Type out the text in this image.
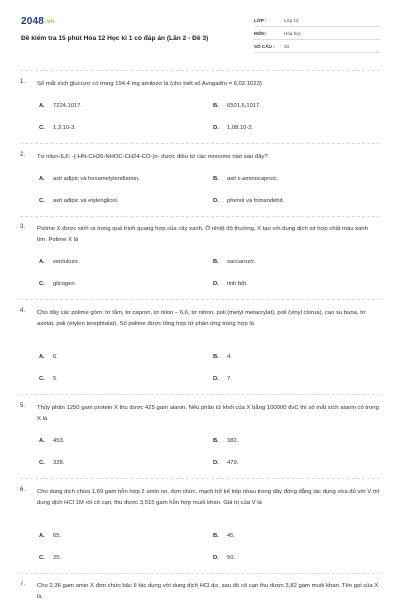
2048.vn
Đề kiểm tra 15 phút Hóa 12 Học kì 1 có đáp án (Lần 2 - Đề 3)
LỚP :	Lớp 12
MÔN :	Hóa học
SỐ CÂU : 10
1. Số mắt xích glucozơ có trong 194,4 mg amilozơ là (cho biết số Avogađro = 6,02.1023)
A. 7224.1017.	B. 6501,6.1017.
C. 1,3.10-3.	D. 1,08.10-3.
2. Tơ nilon-6,6: -(-HN-CH26-NHOC-CH24-CO-)n- được điều từ các monome nào sau đây?
A. axit ađipic và hexametylenđiamin.	B. axit ε-aminocaproic.
C. axit ađipic và etylenglicol.	D. phenol và fomanđehit.
3. Polime X được sinh ra trong quá trình quang hợp của cây xanh. Ở nhiệt độ thường, X tạo với dung dịch iot hợp chất màu xanh tím. Polime X là
A. xenlulozơ.	B. saccarozơ.
C. glicogen.	D. tinh bột.
4. Cho dãy các polime gồm: tơ tằm, tơ capron, tơ nilon – 6,6, tơ nitron, poli (metyl metacrylat), poli (vinyl clorua), cao su buna, tơ axetat, poli (etylen terephtalat). Số polime được tổng hợp từ phản ứng trùng hợp là
A. 6.	B. 4.
C. 5.	D. 7.
5. Thủy phân 1250 gam protein X thu được 425 gam alanin. Nếu phân tử khối của X bằng 100000 đvC thì số mắt xích alanin có trong X là
A. 453.	B. 382.
C. 328.	D. 479.
6. Cho dung dịch chứa 1,69 gam hỗn hợp 2 amin no, đơn chức, mạch hở kế tiếp nhau trong dãy đồng đẳng tác dụng vừa đủ với V ml dung dịch HCl 1M rồi cô cạn, thu được 3,515 gam hỗn hợp muối khan. Giá trị của V là
A. 65.	B. 45.
C. 25.	D. 50.
7. Cho 2,36 gam amin X đơn chức bậc II tác dụng với dung dịch HCl dư, sau đó cô cạn thu được 3,82 gam muối khan. Tên gọi của X là
